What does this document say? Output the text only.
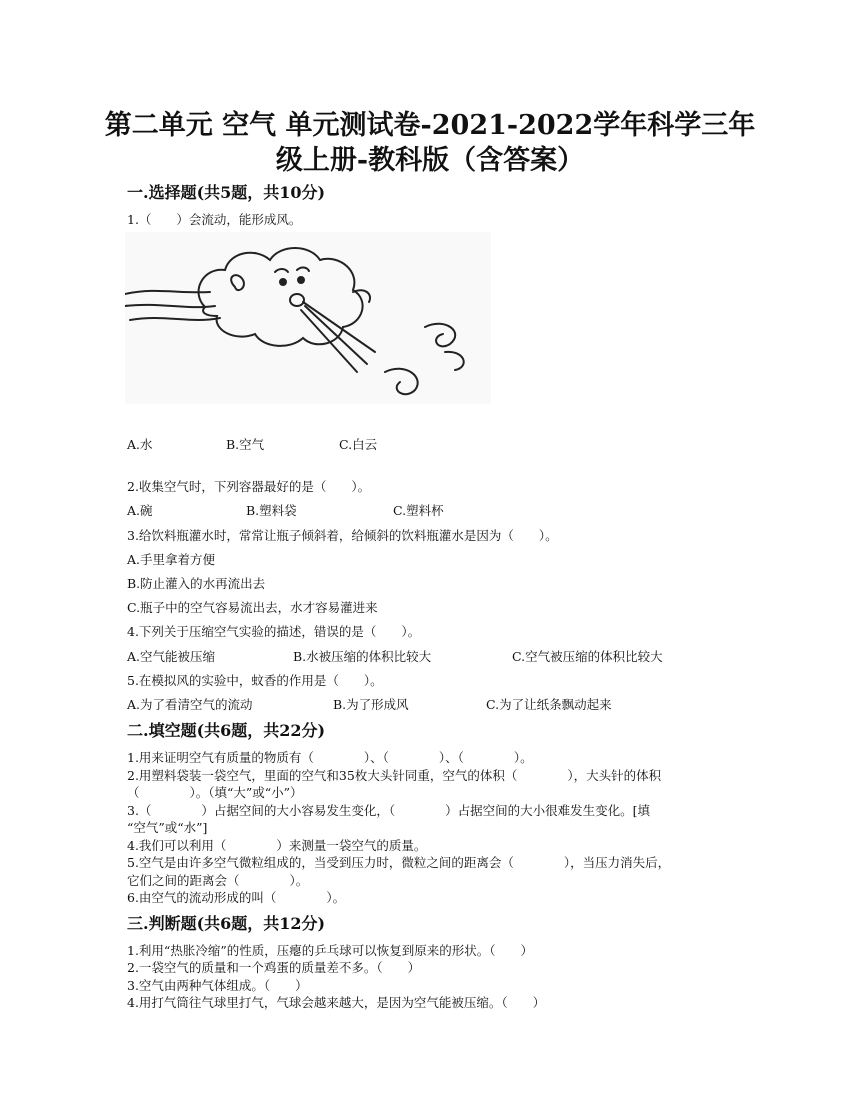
第二单元 空气 单元测试卷-2021-2022学年科学三年
级上册-教科版（含答案）
一.选择题(共5题，共10分)
1.（　　）会流动，能形成风。
A.水	B.空气	C.白云
2.收集空气时，下列容器最好的是（　　）。
A.碗	B.塑料袋	C.塑料杯
3.给饮料瓶灌水时，常常让瓶子倾斜着，给倾斜的饮料瓶灌水是因为（　　）。
A.手里拿着方便
B.防止灌入的水再流出去
C.瓶子中的空气容易流出去，水才容易灌进来
4.下列关于压缩空气实验的描述，错误的是（　　）。
A.空气能被压缩	B.水被压缩的体积比较大	C.空气被压缩的体积比较大
5.在模拟风的实验中，蚊香的作用是（　　）。
A.为了看清空气的流动	B.为了形成风	C.为了让纸条飘动起来
二.填空题(共6题，共22分)
1.用来证明空气有质量的物质有（　　　　）、（　　　　）、（　　　　）。
2.用塑料袋装一袋空气，里面的空气和35枚大头针同重，空气的体积（　　　　），大头针的体积
（　　　　）。（填“大”或“小”）
3.（　　　　）占据空间的大小容易发生变化，（　　　　）占据空间的大小很难发生变化。[填
“空气”或“水”]
4.我们可以利用（　　　　）来测量一袋空气的质量。
5.空气是由许多空气微粒组成的，当受到压力时，微粒之间的距离会（　　　　），当压力消失后，
它们之间的距离会（　　　　）。
6.由空气的流动形成的叫（　　　　）。
三.判断题(共6题，共12分)
1.利用“热胀冷缩”的性质，压瘪的乒乓球可以恢复到原来的形状。（　　）
2.一袋空气的质量和一个鸡蛋的质量差不多。（　　）
3.空气由两种气体组成。（　　）
4.用打气筒往气球里打气，气球会越来越大，是因为空气能被压缩。（　　）
